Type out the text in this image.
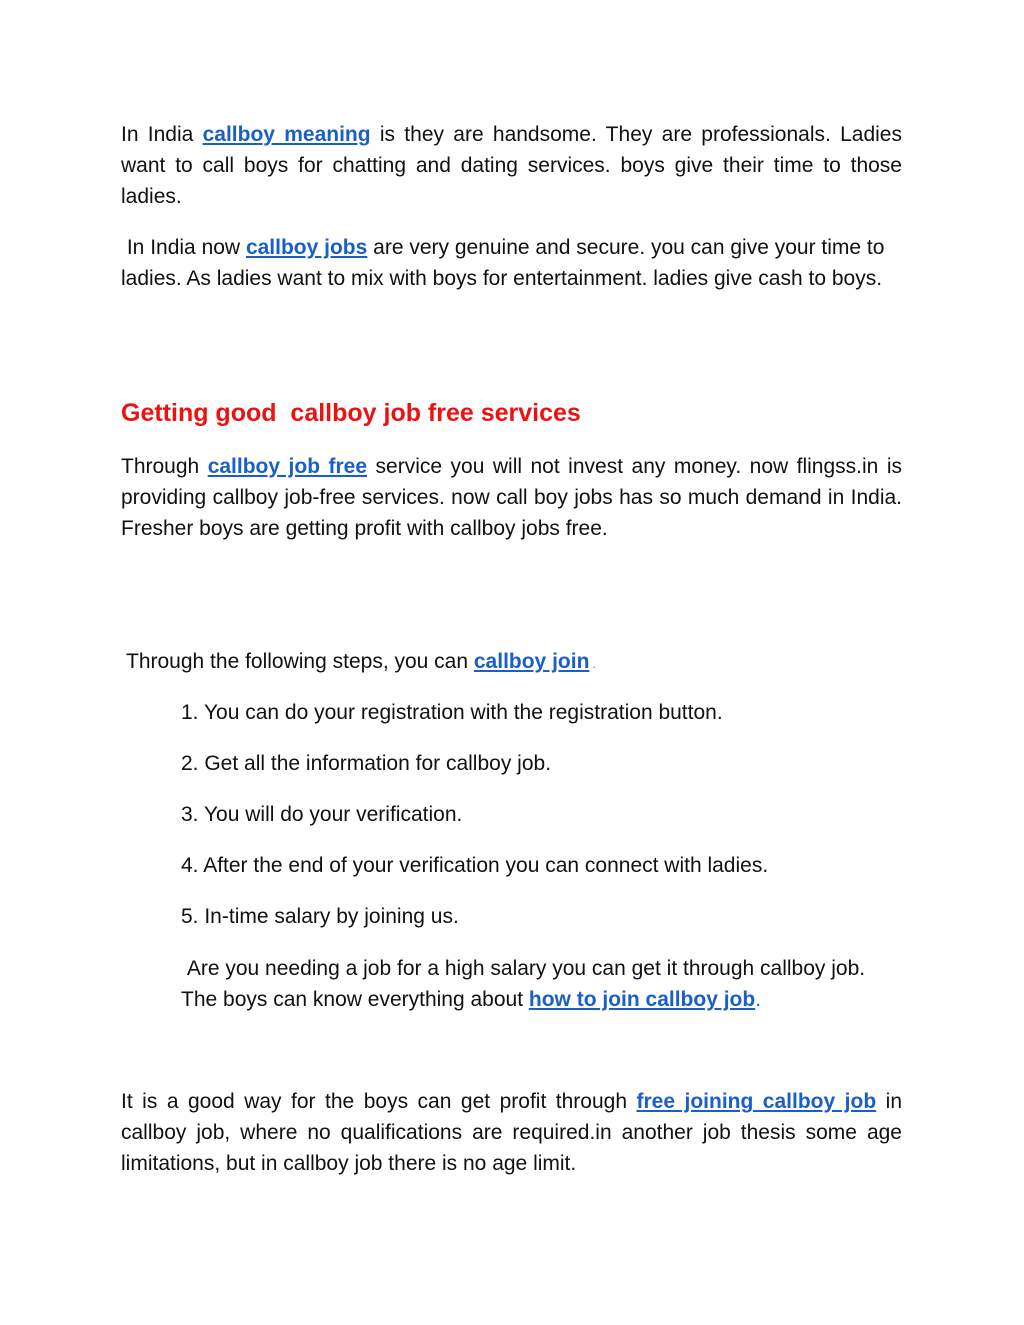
In India callboy meaning is they are handsome. They are professionals. Ladies want to call boys for chatting and dating services. boys give their time to those ladies.

In India now callboy jobs are very genuine and secure. you can give your time to ladies. As ladies want to mix with boys for entertainment. ladies give cash to boys.

Getting good  callboy job free services

Through callboy job free service you will not invest any money. now flingss.in is providing callboy job-free services. now call boy jobs has so much demand in India. Fresher boys are getting profit with callboy jobs free.

Through the following steps, you can callboy join .

1. You can do your registration with the registration button.

2. Get all the information for callboy job.

3. You will do your verification.

4. After the end of your verification you can connect with ladies.

5. In-time salary by joining us.

Are you needing a job for a high salary you can get it through callboy job. The boys can know everything about how to join callboy job.

It is a good way for the boys can get profit through free joining callboy job in callboy job, where no qualifications are required.in another job thesis some age limitations, but in callboy job there is no age limit.
